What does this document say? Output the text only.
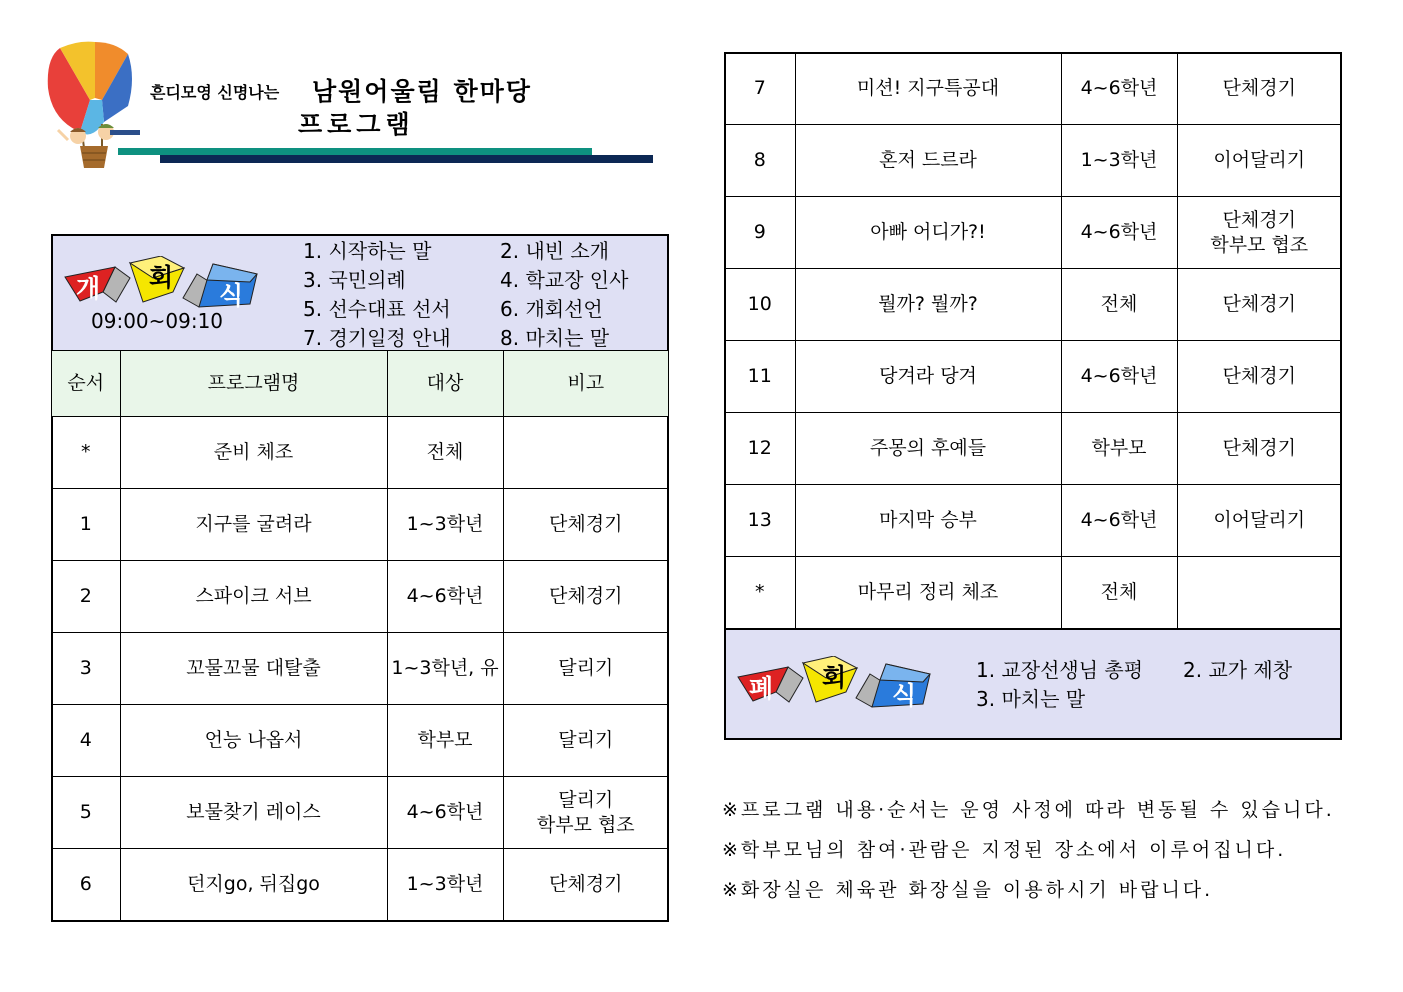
흔디모영 신명나는 남원어울림 한마당
프로그램
개 회
식
09:00~09:10
1. 시작하는 말
3. 국민의례
5. 선수대표 선서
7. 경기일정 안내
2. 내빈 소개
4. 학교장 인사
6. 개회선언
8. 마치는 말
순서	프로그램명	대상	비고
*	준비 체조	전체	

1	지구를 굴려라	1~3학년	단체경기

2	스파이크 서브	4~6학년	단체경기

3	꼬물꼬물 대탈출	1~3학년, 유	달리기

4	언능 나옵서	학부모	달리기

5	보물찾기 레이스	4~6학년	달리기
학부모 협조

6	던지go, 뒤집go	1~3학년	단체경기
7	미션! 지구특공대	4~6학년	단체경기

8	혼저 드르라	1~3학년	이어달리기

9	아빠 어디가?!	4~6학년	단체경기
학부모 협조

10	뭘까? 뭘까?	전체	단체경기

11	당겨라 당겨	4~6학년	단체경기

12	주몽의 후예들	학부모	단체경기

13	마지막 승부	4~6학년	이어달리기

*	마무리 정리 체조	전체	
폐 회
식
1. 교장선생님 총평
3. 마치는 말
2. 교가 제창
※프로그램 내용·순서는 운영 사정에 따라 변동될 수 있습니다.
※학부모님의 참여·관람은 지정된 장소에서 이루어집니다.
※화장실은 체육관 화장실을 이용하시기 바랍니다.
